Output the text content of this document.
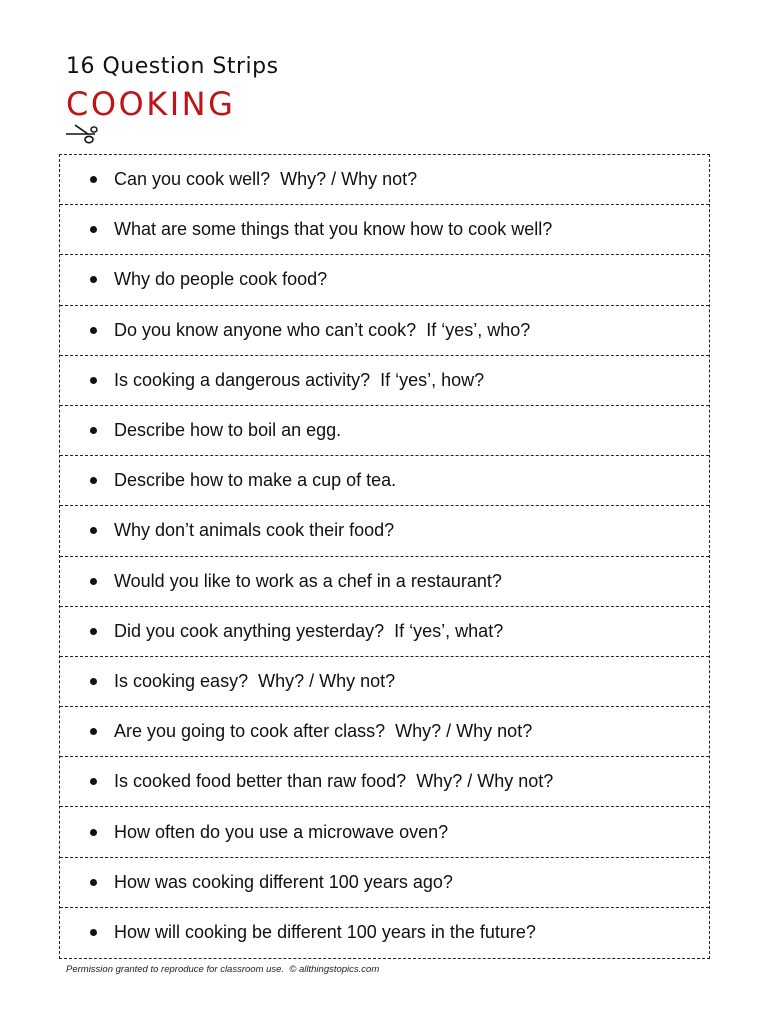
16 Question Strips
COOKING
Can you cook well?  Why? / Why not?
What are some things that you know how to cook well?
Why do people cook food?
Do you know anyone who can’t cook?  If ‘yes’, who?
Is cooking a dangerous activity?  If ‘yes’, how?
Describe how to boil an egg.
Describe how to make a cup of tea.
Why don’t animals cook their food?
Would you like to work as a chef in a restaurant?
Did you cook anything yesterday?  If ‘yes’, what?
Is cooking easy?  Why? / Why not?
Are you going to cook after class?  Why? / Why not?
Is cooked food better than raw food?  Why? / Why not?
How often do you use a microwave oven?
How was cooking different 100 years ago?
How will cooking be different 100 years in the future?
Permission granted to reproduce for classroom use.  © allthingstopics.com
